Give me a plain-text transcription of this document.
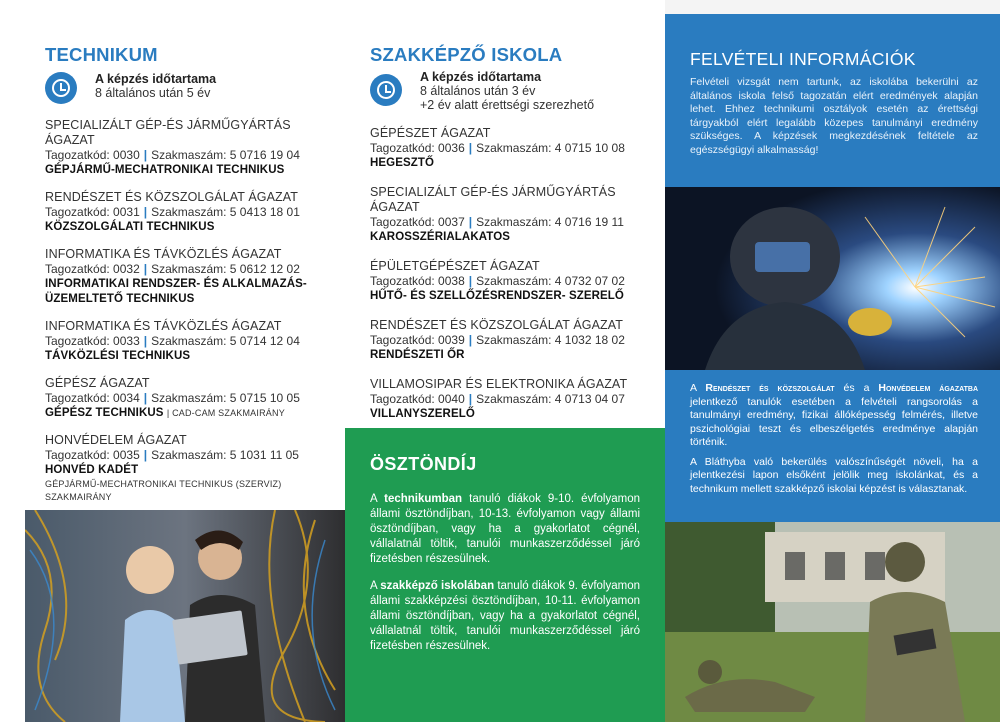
TECHNIKUM
A képzés időtartama
8 általános után 5 év
SPECIALIZÁLT GÉP-ÉS JÁRMŰGYÁRTÁS ÁGAZAT
Tagozatkód: 0030 | Szakmaszám: 5 0716 19 04
GÉPJÁRMŰ-MECHATRONIKAI TECHNIKUS
RENDÉSZET ÉS KÖZSZOLGÁLAT ÁGAZAT
Tagozatkód: 0031 | Szakmaszám: 5 0413 18 01
KÖZSZOLGÁLATI TECHNIKUS
INFORMATIKA ÉS TÁVKÖZLÉS ÁGAZAT
Tagozatkód: 0032 | Szakmaszám: 5 0612 12 02
INFORMATIKAI RENDSZER- ÉS ALKALMAZÁS-ÜZEMELTETŐ TECHNIKUS
INFORMATIKA ÉS TÁVKÖZLÉS ÁGAZAT
Tagozatkód: 0033 | Szakmaszám: 5 0714 12 04
TÁVKÖZLÉSI TECHNIKUS
GÉPÉSZ ÁGAZAT
Tagozatkód: 0034 | Szakmaszám: 5 0715 10 05
GÉPÉSZ TECHNIKUS | CAD-CAM SZAKMAIRÁNY
HONVÉDELEM ÁGAZAT
Tagozatkód: 0035 | Szakmaszám: 5 1031 11 05
HONVÉD KADÉT
GÉPJÁRMŰ-MECHATRONIKAI TECHNIKUS (SZERVIZ) SZAKMAIRÁNY
SZAKKÉPZŐ ISKOLA
A képzés időtartama
8 általános után 3 év
+2 év alatt érettségi szerezhető
GÉPÉSZET ÁGAZAT
Tagozatkód: 0036 | Szakmaszám: 4 0715 10 08
HEGESZTŐ
SPECIALIZÁLT GÉP-ÉS JÁRMŰGYÁRTÁS ÁGAZAT
Tagozatkód: 0037 | Szakmaszám: 4 0716 19 11
KAROSSZÉRIALAKATOS
ÉPÜLETGÉPÉSZET ÁGAZAT
Tagozatkód: 0038 | Szakmaszám: 4 0732 07 02
HŰTŐ- ÉS SZELLŐZÉSRENDSZER- SZERELŐ
RENDÉSZET ÉS KÖZSZOLGÁLAT ÁGAZAT
Tagozatkód: 0039 | Szakmaszám: 4 1032 18 02
RENDÉSZETI ŐR
VILLAMOSIPAR ÉS ELEKTRONIKA ÁGAZAT
Tagozatkód: 0040 | Szakmaszám: 4 0713 04 07
VILLANYSZERELŐ
ÖSZTÖNDÍJ

A technikumban tanuló diákok 9-10. évfolyamon állami ösztöndíjban, 10-13. évfolyamon vagy állami ösztöndíjban, vagy ha a gyakorlatot cégnél, vállalatnál töltik, tanulói munkaszerződéssel járó fizetésben részesülnek.

A szakképző iskolában tanuló diákok 9. évfolyamon állami szakképzési ösztöndíjban, 10-11. évfolyamon állami ösztöndíjban, vagy ha a gyakorlatot cégnél, vállalatnál töltik, tanulói munkaszerződéssel járó fizetésben részesülnek.

FELVÉTELI INFORMÁCIÓK
Felvételi vizsgát nem tartunk, az iskolába bekerülni az általános iskola felső tagozatán elért eredmények alapján lehet. Ehhez technikumi osztályok esetén az érettségi tárgyakból elért legalább közepes tanulmányi eredmény szükséges. A képzések megkezdésének feltétele az egészségügyi alkalmasság!

A Rendészet és közszolgálat és a Honvédelem ágazatba jelentkező tanulók esetében a felvételi rangsorolás a tanulmányi eredmény, fizikai állóképesség felmérés, illetve pszichológiai teszt és elbeszélgetés eredménye alapján történik.

A Bláthyba való bekerülés valószínűségét növeli, ha a jelentkezési lapon elsőként jelölik meg iskolánkat, és a technikum mellett szakképző iskolai képzést is választanak.
